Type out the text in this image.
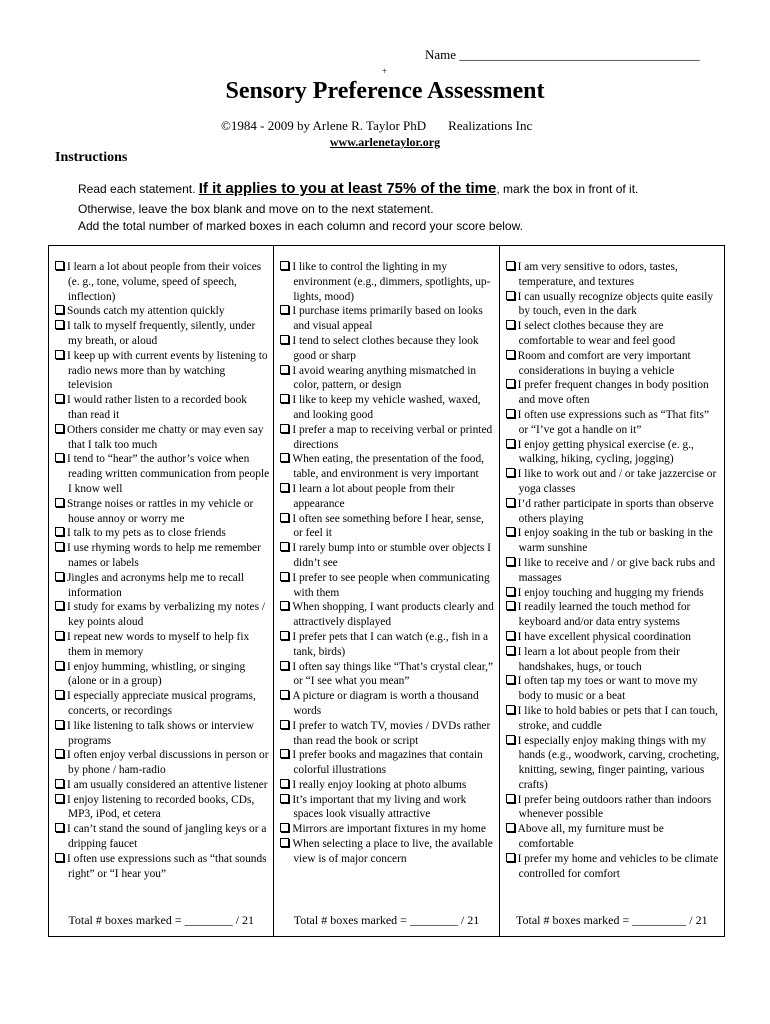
Name _____________________________________
+
Sensory Preference Assessment
©1984 - 2009 by Arlene R. Taylor PhD Realizations Inc
www.arlenetaylor.org
Instructions
Read each statement. If it applies to you at least 75% of the time, mark the box in front of it.
Otherwise, leave the box blank and move on to the next statement.
Add the total number of marked boxes in each column and record your score below.
I learn a lot about people from their voices (e. g., tone, volume, speed of speech, inflection)
Sounds catch my attention quickly
I talk to myself frequently, silently, under my breath, or aloud
I keep up with current events by listening to radio news more than by watching television
I would rather listen to a recorded book than read it
Others consider me chatty or may even say that I talk too much
I tend to “hear” the author’s voice when reading written communication from people I know well
Strange noises or rattles in my vehicle or house annoy or worry me
I talk to my pets as to close friends
I use rhyming words to help me remember names or labels
Jingles and acronyms help me to recall information
I study for exams by verbalizing my notes / key points aloud
I repeat new words to myself to help fix them in memory
I enjoy humming, whistling, or singing (alone or in a group)
I especially appreciate musical programs, concerts, or recordings
I like listening to talk shows or interview programs
I often enjoy verbal discussions in person or by phone / ham-radio
I am usually considered an attentive listener
I enjoy listening to recorded books, CDs, MP3, iPod, et cetera
I can’t stand the sound of jangling keys or a dripping faucet
I often use expressions such as “that sounds right” or “I hear you”
Total # boxes marked = ________ / 21
I like to control the lighting in my environment (e.g., dimmers, spotlights, up-lights, mood)
I purchase items primarily based on looks and visual appeal
I tend to select clothes because they look good or sharp
I avoid wearing anything mismatched in color, pattern, or design
I like to keep my vehicle washed, waxed, and looking good
I prefer a map to receiving verbal or printed directions
When eating, the presentation of the food, table, and environment is very important
I learn a lot about people from their appearance
I often see something before I hear, sense, or feel it
I rarely bump into or stumble over objects I didn’t see
I prefer to see people when communicating with them
When shopping, I want products clearly and attractively displayed
I prefer pets that I can watch (e.g., fish in a tank, birds)
I often say things like “That’s crystal clear,” or “I see what you mean”
A picture or diagram is worth a thousand words
I prefer to watch TV, movies / DVDs rather than read the book or script
I prefer books and magazines that contain colorful illustrations
I really enjoy looking at photo albums
It’s important that my living and work spaces look visually attractive
Mirrors are important fixtures in my home
When selecting a place to live, the available view is of major concern
Total # boxes marked = ________ / 21
I am very sensitive to odors, tastes, temperature, and textures
I can usually recognize objects quite easily by touch, even in the dark
I select clothes because they are comfortable to wear and feel good
Room and comfort are very important considerations in buying a vehicle
I prefer frequent changes in body position and move often
I often use expressions such as “That fits” or “I’ve got a handle on it”
I enjoy getting physical exercise (e. g., walking, hiking, cycling, jogging)
I like to work out and / or take jazzercise or yoga classes
I’d rather participate in sports than observe others playing
I enjoy soaking in the tub or basking in the warm sunshine
I like to receive and / or give back rubs and massages
I enjoy touching and hugging my friends
I readily learned the touch method for keyboard and/or data entry systems
I have excellent physical coordination
I learn a lot about people from their handshakes, hugs, or touch
I often tap my toes or want to move my body to music or a beat
I like to hold babies or pets that I can touch, stroke, and cuddle
I especially enjoy making things with my hands (e.g., woodwork, carving, crocheting, knitting, sewing, finger painting, various crafts)
I prefer being outdoors rather than indoors whenever possible
Above all, my furniture must be comfortable
I prefer my home and vehicles to be climate controlled for comfort
Total # boxes marked = _________ / 21
